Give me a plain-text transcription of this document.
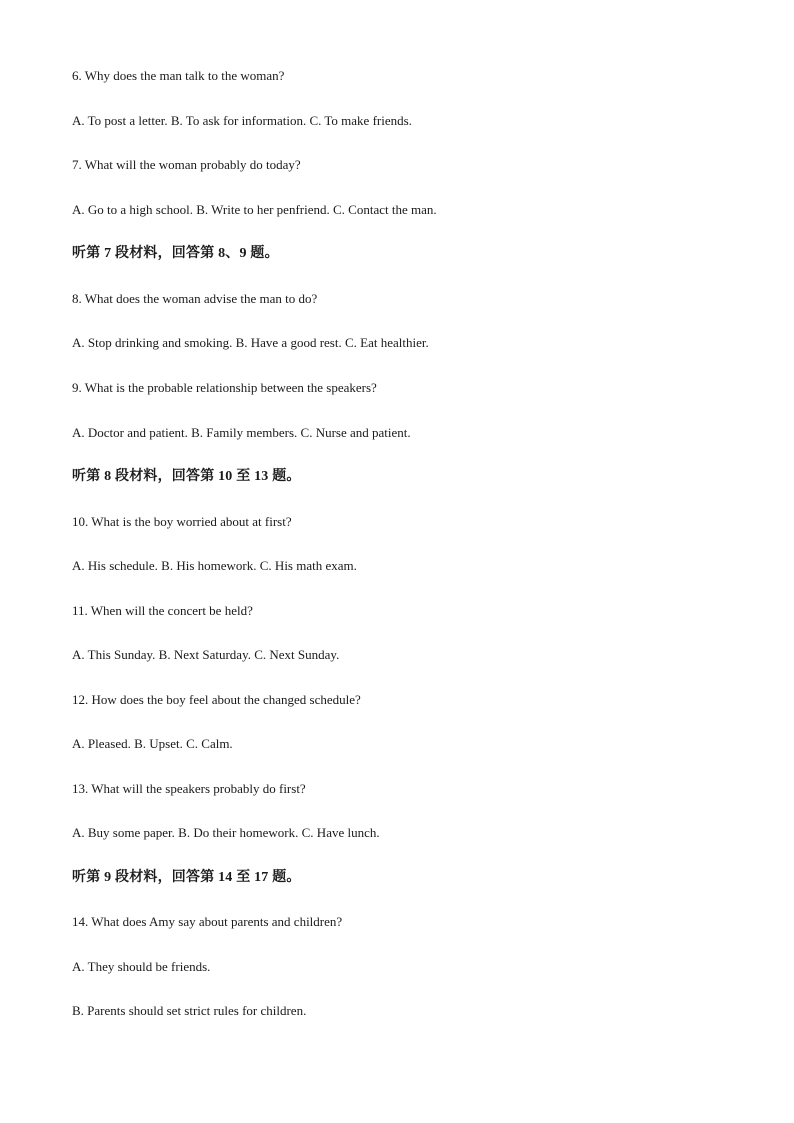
6. Why does the man talk to the woman?
A. To post a letter. B. To ask for information. C. To make friends.
7. What will the woman probably do today?
A. Go to a high school. B. Write to her penfriend. C. Contact the man.
听第 7 段材料，回答第 8、9 题。
8. What does the woman advise the man to do?
A. Stop drinking and smoking. B. Have a good rest. C. Eat healthier.
9. What is the probable relationship between the speakers?
A. Doctor and patient. B. Family members. C. Nurse and patient.
听第 8 段材料，回答第 10 至 13 题。
10. What is the boy worried about at first?
A. His schedule. B. His homework. C. His math exam.
11. When will the concert be held?
A. This Sunday. B. Next Saturday. C. Next Sunday.
12. How does the boy feel about the changed schedule?
A. Pleased. B. Upset. C. Calm.
13. What will the speakers probably do first?
A. Buy some paper. B. Do their homework. C. Have lunch.
听第 9 段材料，回答第 14 至 17 题。
14. What does Amy say about parents and children?
A. They should be friends.
B. Parents should set strict rules for children.
